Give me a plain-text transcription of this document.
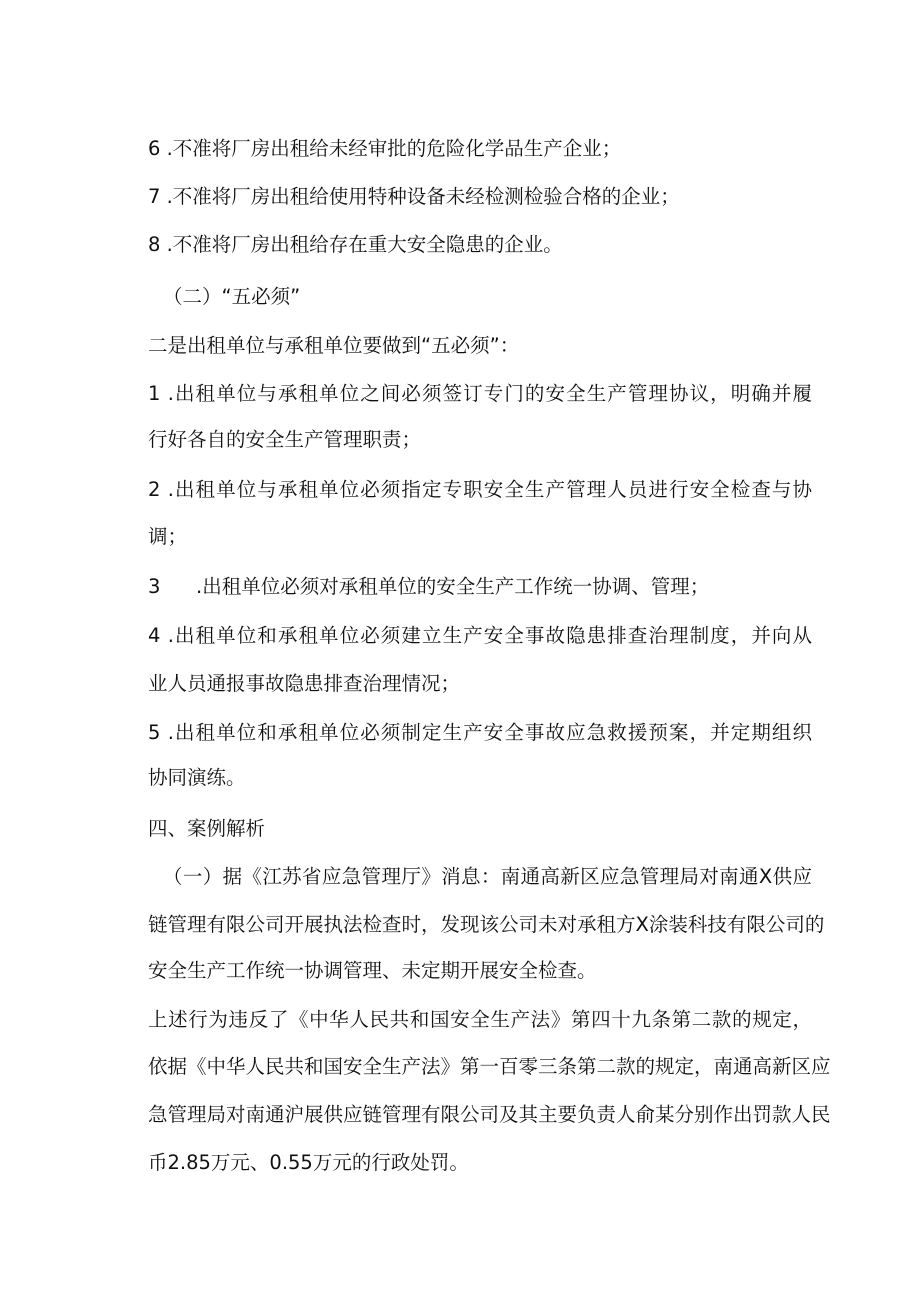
6 .不准将厂房出租给未经审批的危险化学品生产企业；
7 .不准将厂房出租给使用特种设备未经检测检验合格的企业；
8 .不准将厂房出租给存在重大安全隐患的企业。
（二）“五必须”
二是出租单位与承租单位要做到“五必须”：
1 .出租单位与承租单位之间必须签订专门的安全生产管理协议，明确并履
行好各自的安全生产管理职责；
2 .出租单位与承租单位必须指定专职安全生产管理人员进行安全检查与协
调；
3 .出租单位必须对承租单位的安全生产工作统一协调、管理；
4 .出租单位和承租单位必须建立生产安全事故隐患排查治理制度，并向从
业人员通报事故隐患排查治理情况；
5 .出租单位和承租单位必须制定生产安全事故应急救援预案，并定期组织
协同演练。
四、案例解析
（一）据《江苏省应急管理厅》消息：南通高新区应急管理局对南通X供应
链管理有限公司开展执法检查时，发现该公司未对承租方X涂装科技有限公司的
安全生产工作统一协调管理、未定期开展安全检查。
上述行为违反了《中华人民共和国安全生产法》第四十九条第二款的规定，
依据《中华人民共和国安全生产法》第一百零三条第二款的规定，南通高新区应
急管理局对南通沪展供应链管理有限公司及其主要负责人俞某分别作出罚款人民
币2.85万元、0.55万元的行政处罚。
